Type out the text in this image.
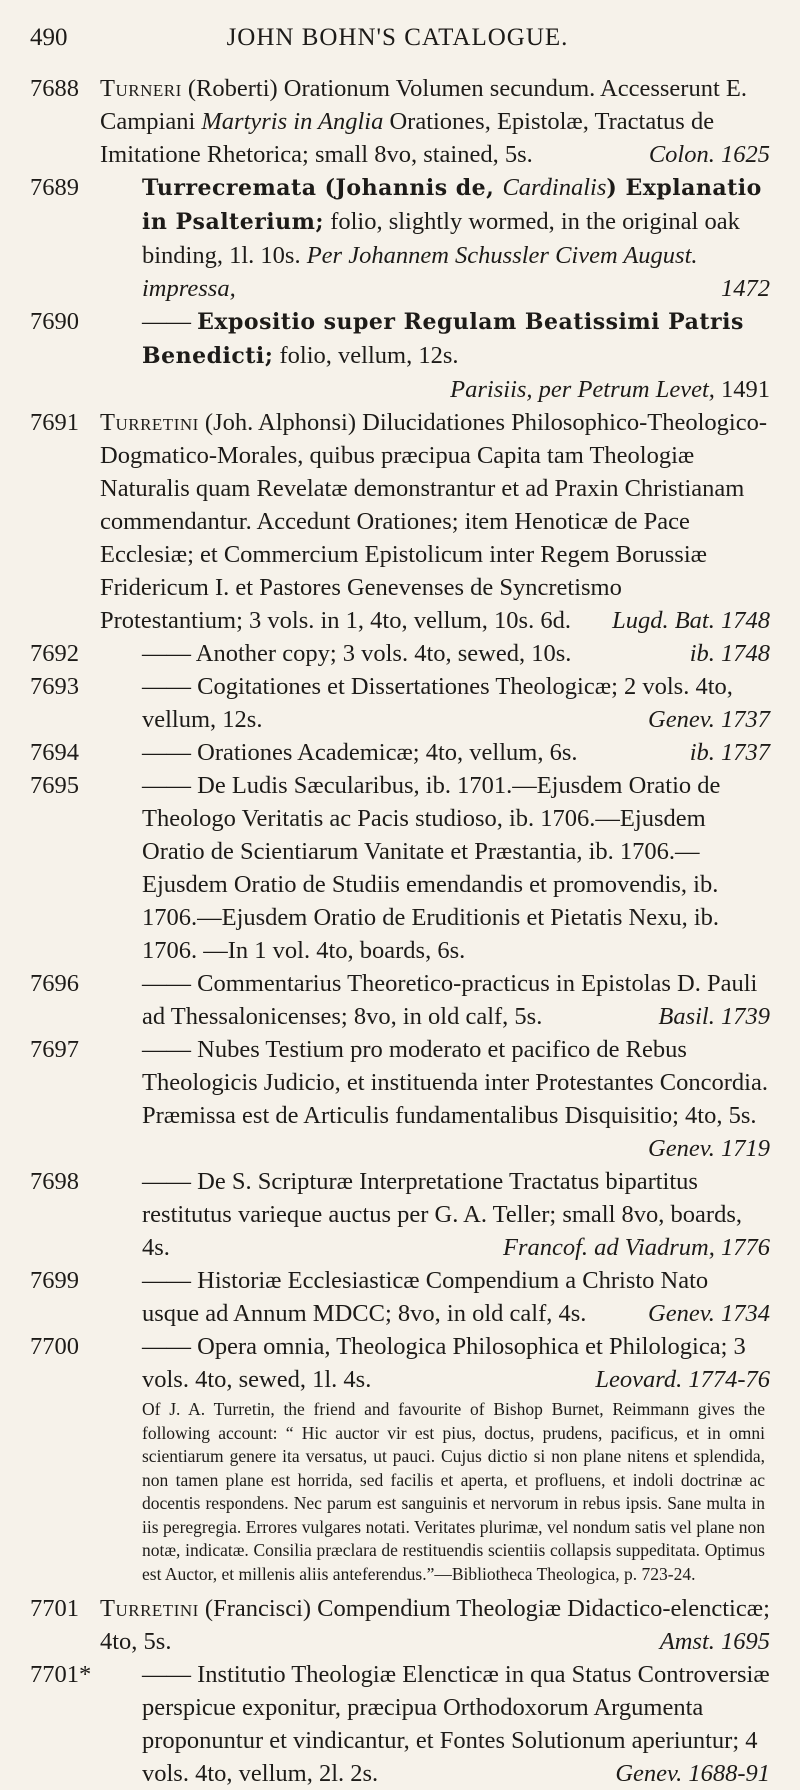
490	JOHN BOHN'S CATALOGUE.
7688 Turneri (Roberti) Orationum Volumen secundum. Accesserunt E. Campiani Martyris in Anglia Orationes, Epistolæ, Tractatus de Imitatione Rhetorica; small 8vo, stained, 5s.	Colon. 1625
7689	Turrecremata (Johannis de, Cardinalis) Explanatio in Psalterium; folio, slightly wormed, in the original oak binding, 1l. 10s. Per Johannem Schussler Civem August. impressa,	1472
7690	—— Expositio super Regulam Beatissimi Patris Benedicti; folio, vellum, 12s.
Parisiis, per Petrum Levet, 1491
7691 Turretini (Joh. Alphonsi) Dilucidationes Philosophico-Theologico-Dogmatico-Morales, quibus præcipua Capita tam Theologiæ Naturalis quam Revelatæ demonstrantur et ad Praxin Christianam commendantur. Accedunt Orationes; item Henoticæ de Pace Ecclesiæ; et Commercium Epistolicum inter Regem Borussiæ Fridericum I. et Pastores Genevenses de Syncretismo Protestantium; 3 vols. in 1, 4to, vellum, 10s. 6d. Lugd. Bat. 1748
7692	—— Another copy; 3 vols. 4to, sewed, 10s.	ib. 1748
7693	—— Cogitationes et Dissertationes Theologicæ; 2 vols. 4to, vellum, 12s.	Genev. 1737
7694	—— Orationes Academicæ; 4to, vellum, 6s.	ib. 1737
7695	—— De Ludis Sæcularibus, ib. 1701.—Ejusdem Oratio de Theologo Veritatis ac Pacis studioso, ib. 1706.—Ejusdem Oratio de Scientiarum Vanitate et Præstantia, ib. 1706.—Ejusdem Oratio de Studiis emendandis et promovendis, ib. 1706.—Ejusdem Oratio de Eruditionis et Pietatis Nexu, ib. 1706. —In 1 vol. 4to, boards, 6s.
7696	—— Commentarius Theoretico-practicus in Epistolas D. Pauli ad Thessalonicenses; 8vo, in old calf, 5s.	Basil. 1739
7697	—— Nubes Testium pro moderato et pacifico de Rebus Theologicis Judicio, et instituenda inter Protestantes Concordia. Præmissa est de Articulis fundamentalibus Disquisitio; 4to, 5s.
Genev. 1719
7698	—— De S. Scripturæ Interpretatione Tractatus bipartitus restitutus varieque auctus per G. A. Teller; small 8vo, boards, 4s.	Francof. ad Viadrum, 1776
7699	—— Historiæ Ecclesiasticæ Compendium a Christo Nato usque ad Annum MDCC; 8vo, in old calf, 4s.	Genev. 1734
7700	—— Opera omnia, Theologica Philosophica et Philologica; 3 vols. 4to, sewed, 1l. 4s.	Leovard. 1774-76

Of J. A. Turretin, the friend and favourite of Bishop Burnet, Reimmann gives the following account: “ Hic auctor vir est pius, doctus, prudens, pacificus, et in omni scientiarum genere ita versatus, ut pauci. Cujus dictio si non plane nitens et splendida, non tamen plane est horrida, sed facilis et aperta, et profluens, et indoli doctrinæ ac docentis respondens. Nec parum est sanguinis et nervorum in rebus ipsis. Sane multa in iis peregregia. Errores vulgares notati. Veritates plurimæ, vel nondum satis vel plane non notæ, indicatæ. Consilia præclara de restituendis scientiis collapsis suppeditata. Optimus est Auctor, et millenis aliis anteferendus.”—Bibliotheca Theologica, p. 723-24.

7701 Turretini (Francisci) Compendium Theologiæ Didactico-elencticæ; 4to, 5s.	Amst. 1695
7701* —— Institutio Theologiæ Elencticæ in qua Status Controversiæ perspicue exponitur, præcipua Orthodoxorum Argumenta proponuntur et vindicantur, et Fontes Solutionum aperiuntur; 4 vols. 4to, vellum, 2l. 2s.	Genev. 1688-91
